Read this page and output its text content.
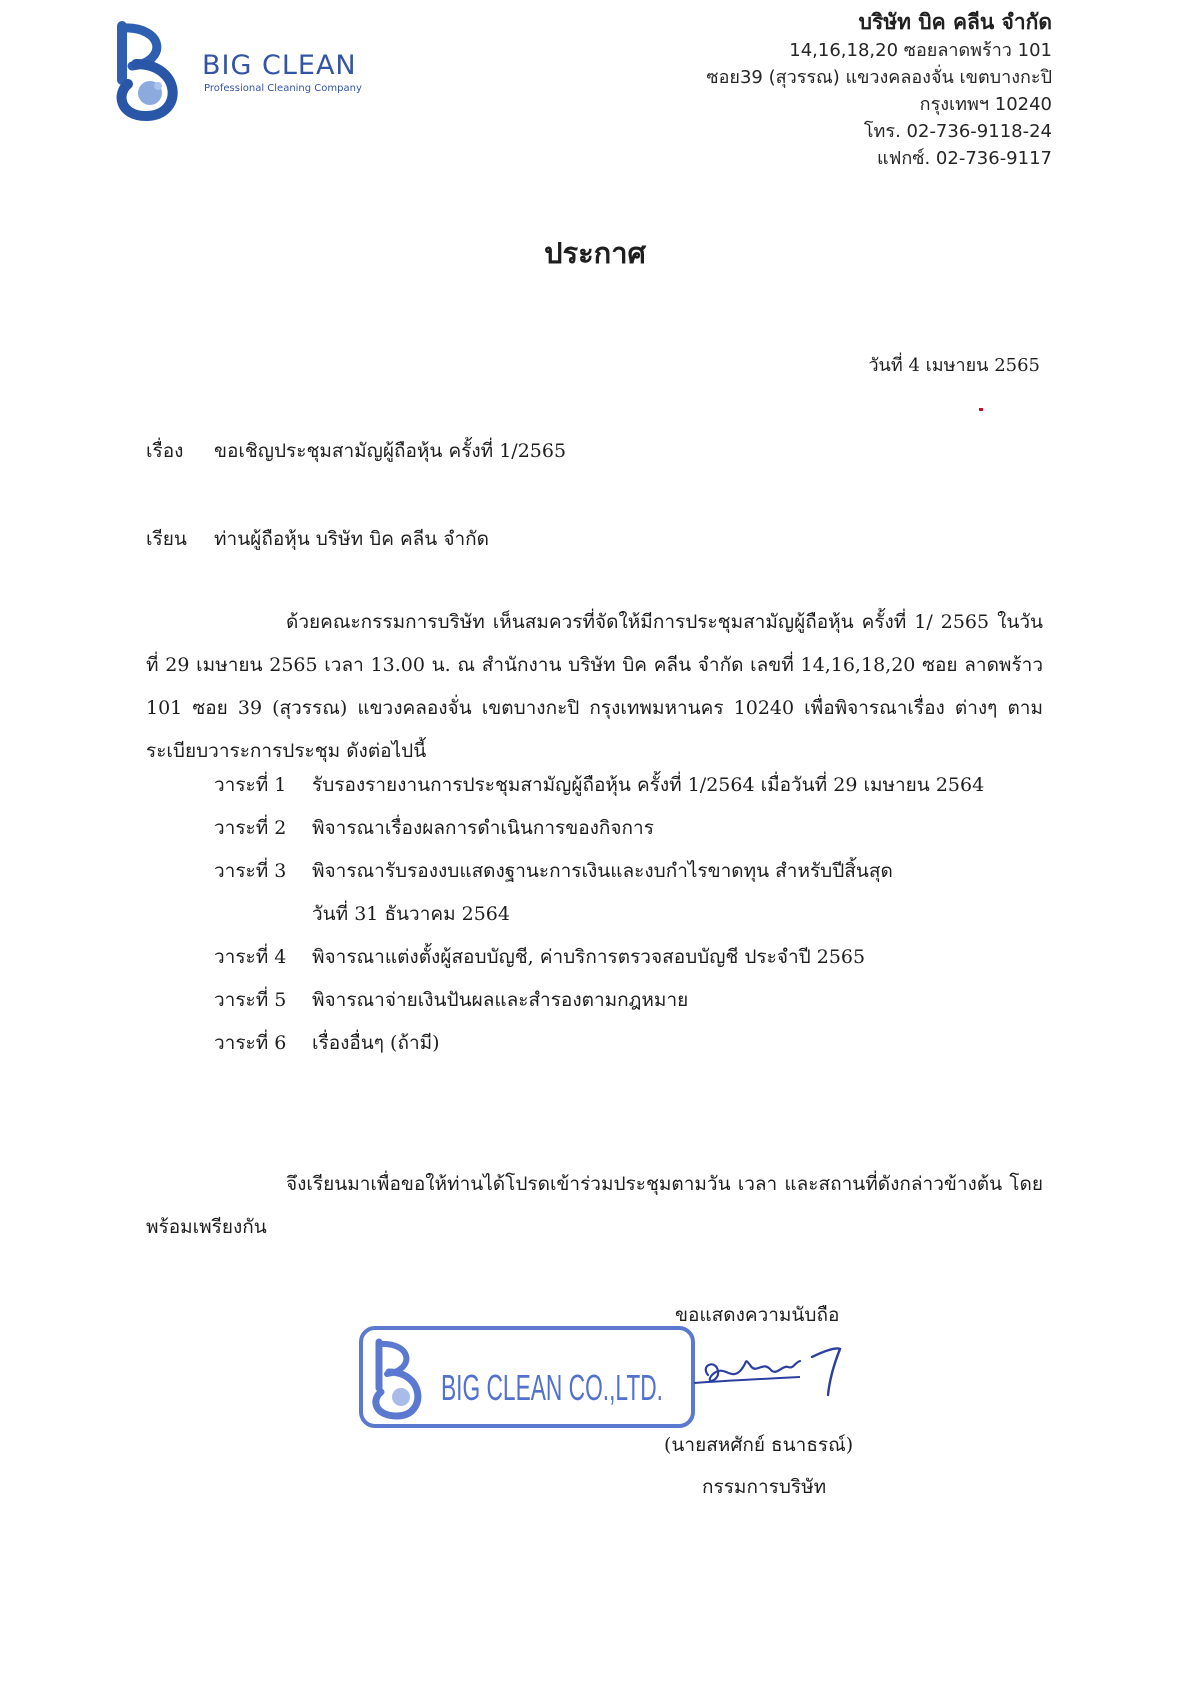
BIG CLEAN
Professional Cleaning Company
บริษัท บิค คลีน จำกัด
14,16,18,20 ซอยลาดพร้าว 101
ซอย39 (สุวรรณ) แขวงคลองจั่น เขตบางกะปิ
กรุงเทพฯ 10240
โทร. 02-736-9118-24
แฟกซ์. 02-736-9117
ประกาศ
วันที่ 4 เมษายน 2565
เรื่อง ขอเชิญประชุมสามัญผู้ถือหุ้น ครั้งที่ 1/2565
เรียน ท่านผู้ถือหุ้น บริษัท บิค คลีน จำกัด
ด้วยคณะกรรมการบริษัท เห็นสมควรที่จัดให้มีการประชุมสามัญผู้ถือหุ้น ครั้งที่ 1/ 2565 ในวันที่ 29 เมษายน 2565 เวลา 13.00 น. ณ สำนักงาน บริษัท บิค คลีน จำกัด เลขที่ 14,16,18,20 ซอย ลาดพร้าว 101 ซอย 39 (สุวรรณ) แขวงคลองจั่น เขตบางกะปิ กรุงเทพมหานคร 10240 เพื่อพิจารณาเรื่อง ต่างๆ ตามระเบียบวาระการประชุม ดังต่อไปนี้
วาระที่ 1 รับรองรายงานการประชุมสามัญผู้ถือหุ้น ครั้งที่ 1/2564 เมื่อวันที่ 29 เมษายน 2564
วาระที่ 2 พิจารณาเรื่องผลการดำเนินการของกิจการ
วาระที่ 3 พิจารณารับรองงบแสดงฐานะการเงินและงบกำไรขาดทุน สำหรับปีสิ้นสุด
วันที่ 31 ธันวาคม 2564
วาระที่ 4 พิจารณาแต่งตั้งผู้สอบบัญชี, ค่าบริการตรวจสอบบัญชี ประจำปี 2565
วาระที่ 5 พิจารณาจ่ายเงินปันผลและสำรองตามกฎหมาย
วาระที่ 6 เรื่องอื่นๆ (ถ้ามี)
จึงเรียนมาเพื่อขอให้ท่านได้โปรดเข้าร่วมประชุมตามวัน เวลา และสถานที่ดังกล่าวข้างต้น โดยพร้อมเพรียงกัน
ขอแสดงความนับถือ
BIG CLEAN CO.,LTD.
(นายสหศักย์ ธนาธรณ์)
กรรมการบริษัท
